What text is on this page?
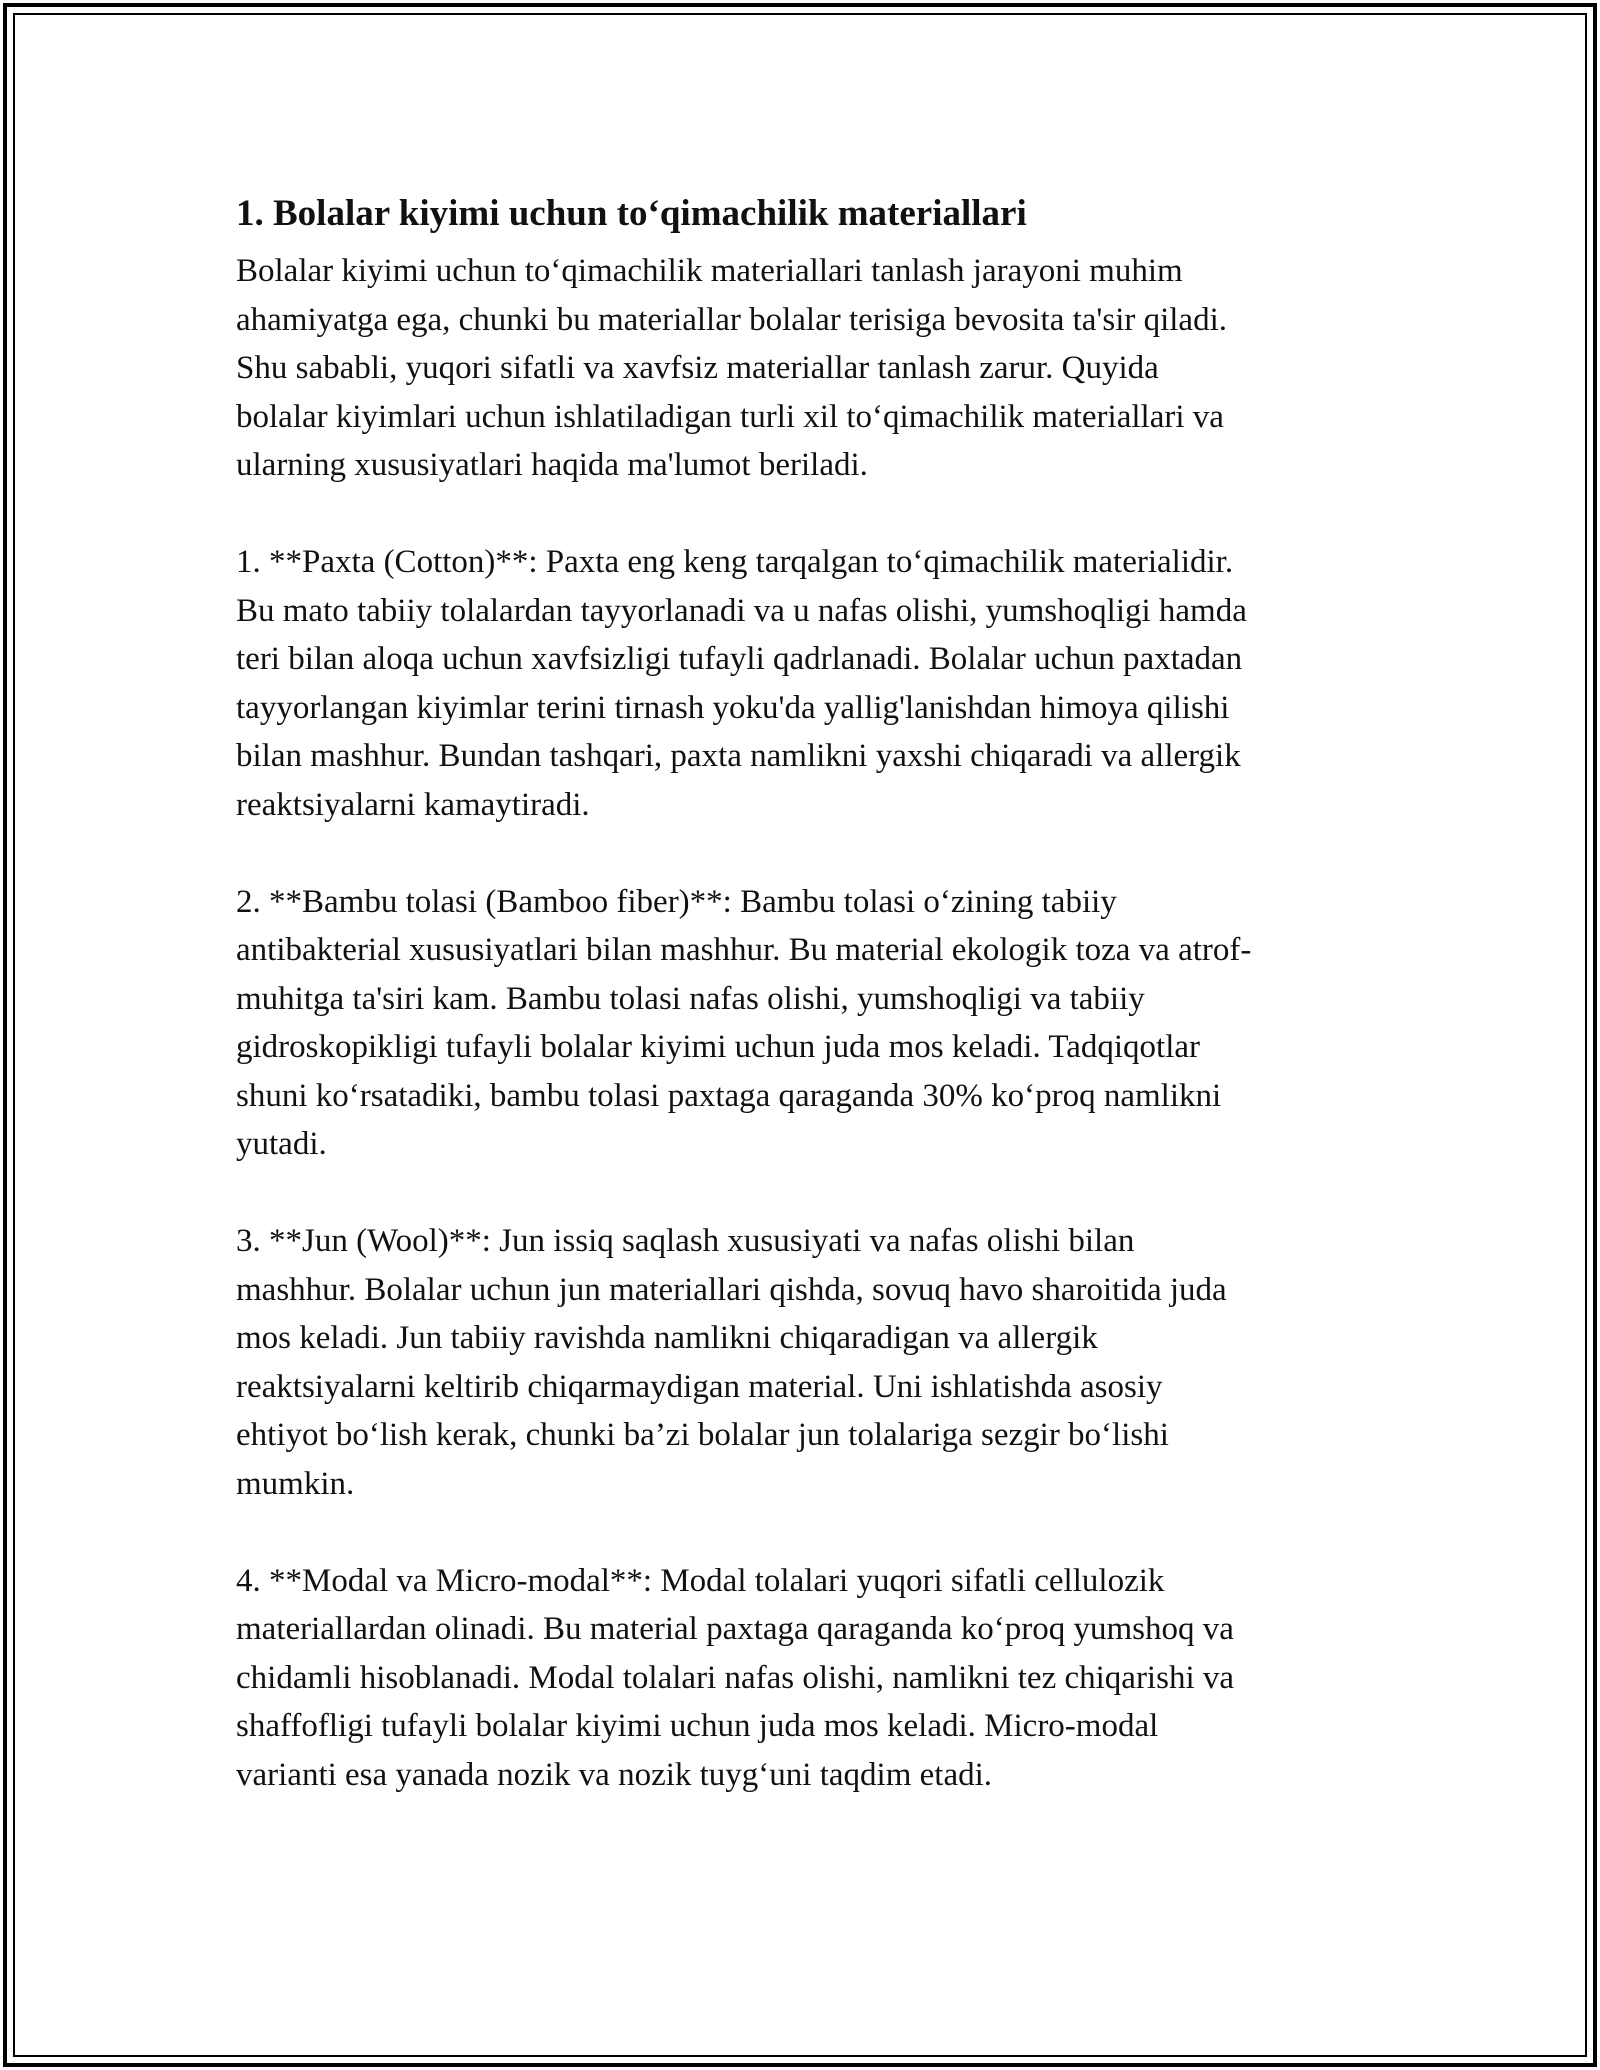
1. Bolalar kiyimi uchun to‘qimachilik materiallari

Bolalar kiyimi uchun to‘qimachilik materiallari tanlash jarayoni muhim
ahamiyatga ega, chunki bu materiallar bolalar terisiga bevosita ta'sir qiladi.
Shu sababli, yuqori sifatli va xavfsiz materiallar tanlash zarur. Quyida
bolalar kiyimlari uchun ishlatiladigan turli xil to‘qimachilik materiallari va
ularning xususiyatlari haqida ma'lumot beriladi.

1. **Paxta (Cotton)**: Paxta eng keng tarqalgan to‘qimachilik materialidir.
Bu mato tabiiy tolalardan tayyorlanadi va u nafas olishi, yumshoqligi hamda
teri bilan aloqa uchun xavfsizligi tufayli qadrlanadi. Bolalar uchun paxtadan
tayyorlangan kiyimlar terini tirnash yoku'da yallig'lanishdan himoya qilishi
bilan mashhur. Bundan tashqari, paxta namlikni yaxshi chiqaradi va allergik
reaktsiyalarni kamaytiradi.

2. **Bambu tolasi (Bamboo fiber)**: Bambu tolasi o‘zining tabiiy
antibakterial xususiyatlari bilan mashhur. Bu material ekologik toza va atrof-
muhitga ta'siri kam. Bambu tolasi nafas olishi, yumshoqligi va tabiiy
gidroskopikligi tufayli bolalar kiyimi uchun juda mos keladi. Tadqiqotlar
shuni ko‘rsatadiki, bambu tolasi paxtaga qaraganda 30% ko‘proq namlikni
yutadi.

3. **Jun (Wool)**: Jun issiq saqlash xususiyati va nafas olishi bilan
mashhur. Bolalar uchun jun materiallari qishda, sovuq havo sharoitida juda
mos keladi. Jun tabiiy ravishda namlikni chiqaradigan va allergik
reaktsiyalarni keltirib chiqarmaydigan material. Uni ishlatishda asosiy
ehtiyot bo‘lish kerak, chunki ba’zi bolalar jun tolalariga sezgir bo‘lishi
mumkin.

4. **Modal va Micro-modal**: Modal tolalari yuqori sifatli cellulozik
materiallardan olinadi. Bu material paxtaga qaraganda ko‘proq yumshoq va
chidamli hisoblanadi. Modal tolalari nafas olishi, namlikni tez chiqarishi va
shaffofligi tufayli bolalar kiyimi uchun juda mos keladi. Micro-modal
varianti esa yanada nozik va nozik tuyg‘uni taqdim etadi.
